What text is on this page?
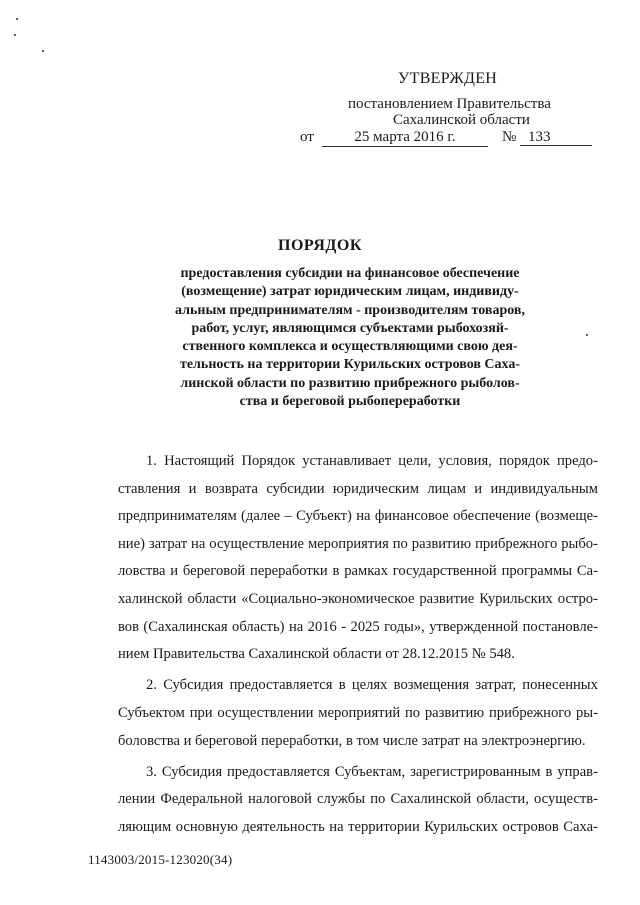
УТВЕРЖДЕН
постановлением Правительства
Сахалинской области
от	25 марта 2016 г.	№ 133
ПОРЯДОК
предоставления субсидии на финансовое обеспечение
(возмещение) затрат юридическим лицам, индивиду-
альным предпринимателям - производителям товаров,
работ, услуг, являющимся субъектами рыбохозяй-
ственного комплекса и осуществляющими свою дея-
тельность на территории Курильских островов Саха-
линской области по развитию прибрежного рыболов-
ства и береговой рыбопереработки
1. Настоящий Порядок устанавливает цели, условия, порядок предо-
ставления и возврата субсидии юридическим лицам и индивидуальным
предпринимателям (далее – Субъект) на финансовое обеспечение (возмеще-
ние) затрат на осуществление мероприятия по развитию прибрежного рыбо-
ловства и береговой переработки в рамках государственной программы Са-
халинской области «Социально-экономическое развитие Курильских остро-
вов (Сахалинская область) на 2016 - 2025 годы», утвержденной постановле-
нием Правительства Сахалинской области от 28.12.2015 № 548.
2. Субсидия предоставляется в целях возмещения затрат, понесенных
Субъектом при осуществлении мероприятий по развитию прибрежного ры-
боловства и береговой переработки, в том числе затрат на электроэнергию.
3. Субсидия предоставляется Субъектам, зарегистрированным в управ-
лении Федеральной налоговой службы по Сахалинской области, осуществ-
ляющим основную деятельность на территории Курильских островов Саха-
1143003/2015-123020(34)
